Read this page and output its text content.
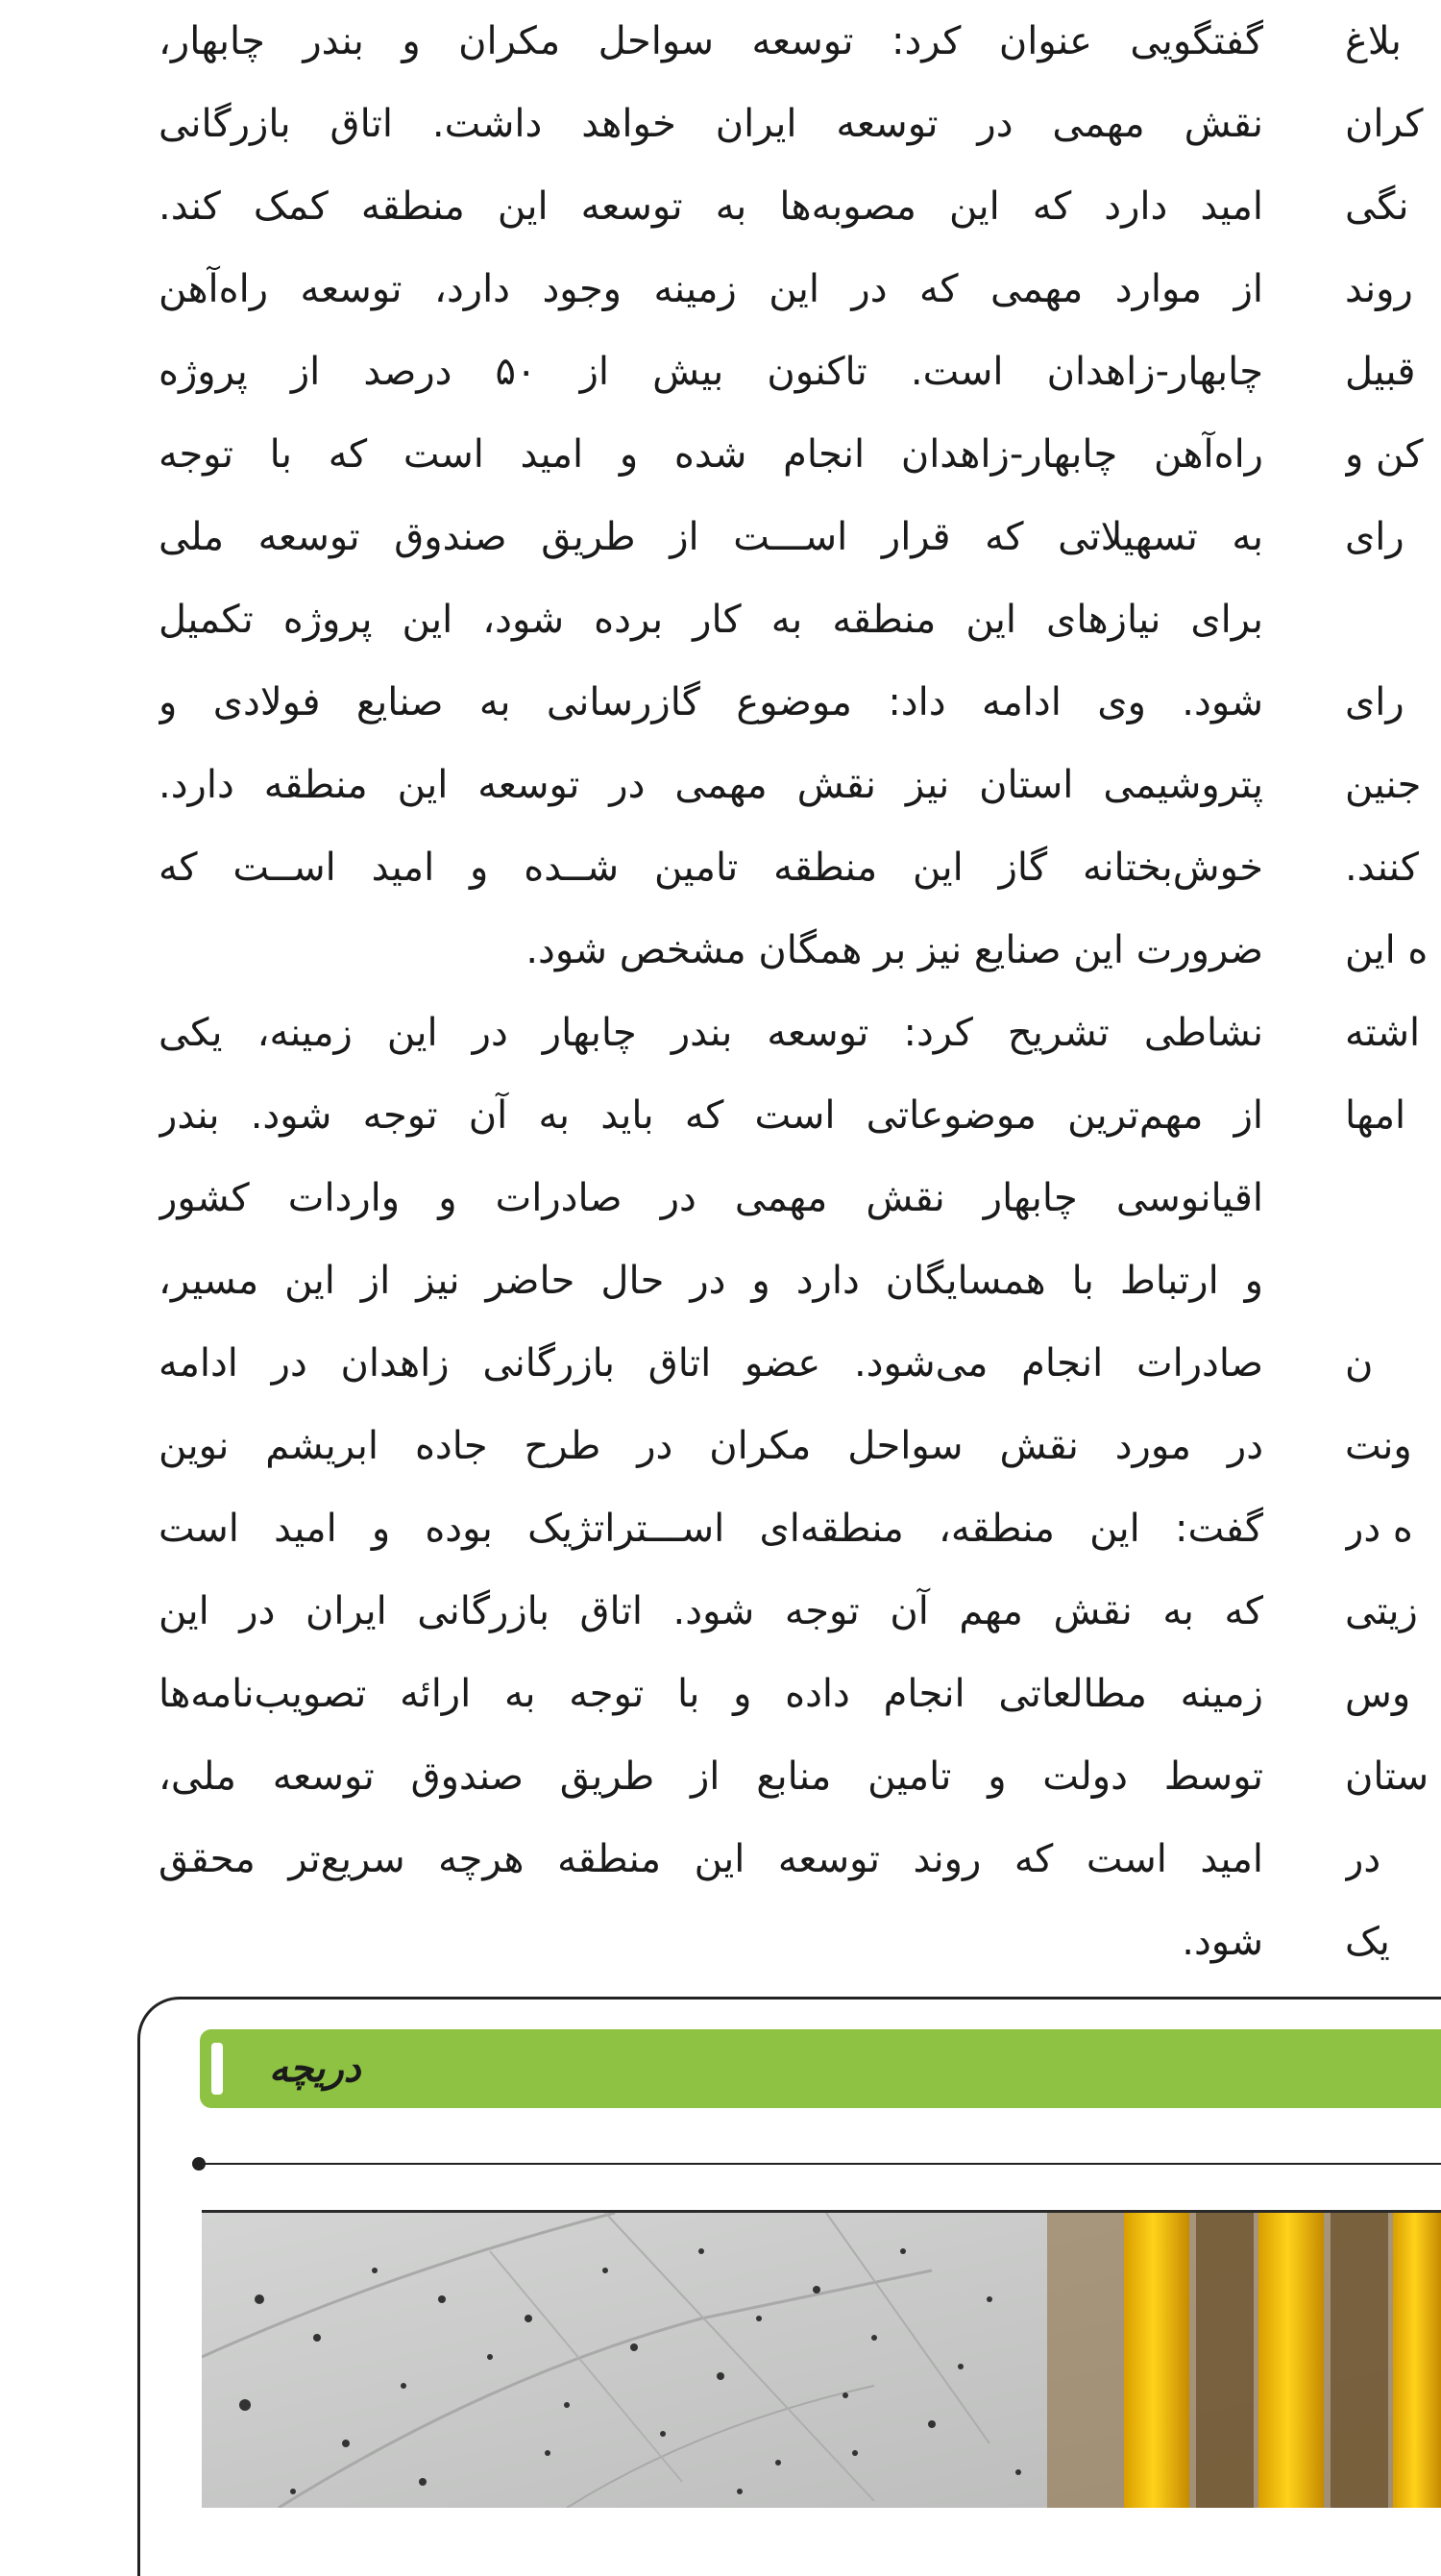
گفتگویی عنوان کرد: توسعه سواحل مکران و بندر چابهار،
نقش مهمی در توسعه ایران خواهد داشت. اتاق بازرگانی
امید دارد که این مصوبه‌ها به توسعه این منطقه کمک کند.
از موارد مهمی که در این زمینه وجود دارد، توسعه راه‌آهن
چابهار-زاهدان است. تاکنون بیش از ۵۰ درصد از پروژه
راه‌آهن چابهار-زاهدان انجام شده و امید است که با توجه
به تسهیلاتی که قرار اســـت از طریق صندوق توسعه ملی
برای نیازهای این منطقه به کار برده شود، این پروژه تکمیل
شود. وی ادامه داد: موضوع گازرسانی به صنایع فولادی و
پتروشیمی استان نیز نقش مهمی در توسعه این منطقه دارد.
خوش‌بختانه گاز این منطقه تامین شــده و امید اســت که
ضرورت این صنایع نیز بر همگان مشخص شود.
نشاطی تشریح کرد: توسعه بندر چابهار در این زمینه، یکی
از مهم‌ترین موضوعاتی است که باید به آن توجه شود. بندر
اقیانوسی چابهار نقش مهمی در صادرات و واردات کشور
و ارتباط با همسایگان دارد و در حال حاضر نیز از این مسیر،
صادرات انجام می‌شود. عضو اتاق بازرگانی زاهدان در ادامه
در مورد نقش سواحل مکران در طرح جاده ابریشم نوین
گفت: این منطقه، منطقه‌ای اســـتراتژیک بوده و امید است
که به نقش مهم آن توجه شود. اتاق بازرگانی ایران در این
زمینه مطالعاتی انجام داده و با توجه به ارائه تصویب‌نامه‌ها
توسط دولت و تامین منابع از طریق صندوق توسعه ملی،
امید است که روند توسعه این منطقه هرچه سریع‌تر محقق
شود.
بلاغ
کران
نگی
روند
قبیل
کن و
رای
رای
جنین
کنند.
ه این
اشته
امها
ن
ونت
ه در
زیتی
وس
ستان
در
یک
دریچه
